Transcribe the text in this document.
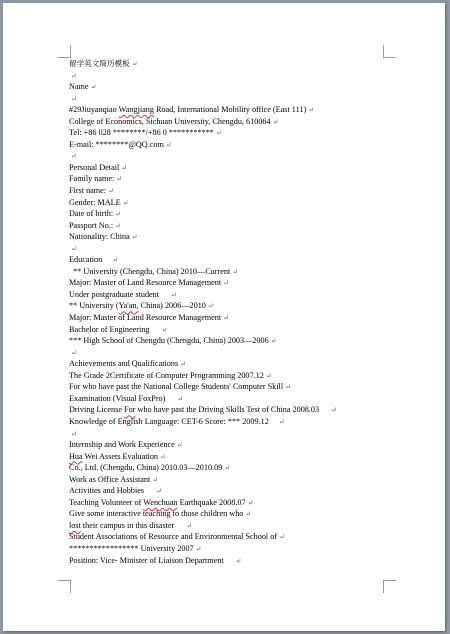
留学英文简历模板 ↵
↵
Name ↵
↵
#29Jiuyanqiao Wangjiang Road, International Mobility office (East 111) ↵
College of Economics, Sichuan University, Chengdu, 610064 ↵
Tel: +86 028 ********/+86 0 *********** ↵
E-mail: ********@QQ.com ↵
↵
Personal Detail ↵
Family name: ↵
First name: ↵
Gender: MALE ↵
Date of birth: ↵
Passport No.: ↵
Nationality: China ↵
↵
Education ↵
** University (Chengdu, China) 2010—Current ↵
Major: Master of Land Resource Management ↵
Under postgraduate student ↵
** University (Ya'an, China) 2006—2010 ↵
Major: Master of Land Resource Management ↵
Bachelor of Engineering ↵
*** High School of Chengdu (Chengdu, China) 2003—2006 ↵
↵
Achievements and Qualifications ↵
The Grade 2Certificate of Computer Programming 2007.12 ↵
For who have past the National College Students' Computer Skill ↵
Examination (Visual FoxPro) ↵
Driving License For who have past the Driving Skills Test of China 2008.03 ↵
Knowledge of English Language: CET-6 Score: *** 2009.12 ↵
↵
Internship and Work Experience ↵
Hua Wei Assets Evaluation ↵
Co., Ltd. (Chengdu, China) 2010.03—2010.09 ↵
Work as Office Assistant ↵
Activities and Hobbies ↵
Teaching Volunteer of Wenchuan Earthquake 2008.07 ↵
Give some interactive teaching to those children who ↵
lost their campus in this disaster ↵
Student Associations of Resource and Environmental School of ↵
***************** University 2007 ↵
Position: Vice- Minister of Liaison Department ↵
